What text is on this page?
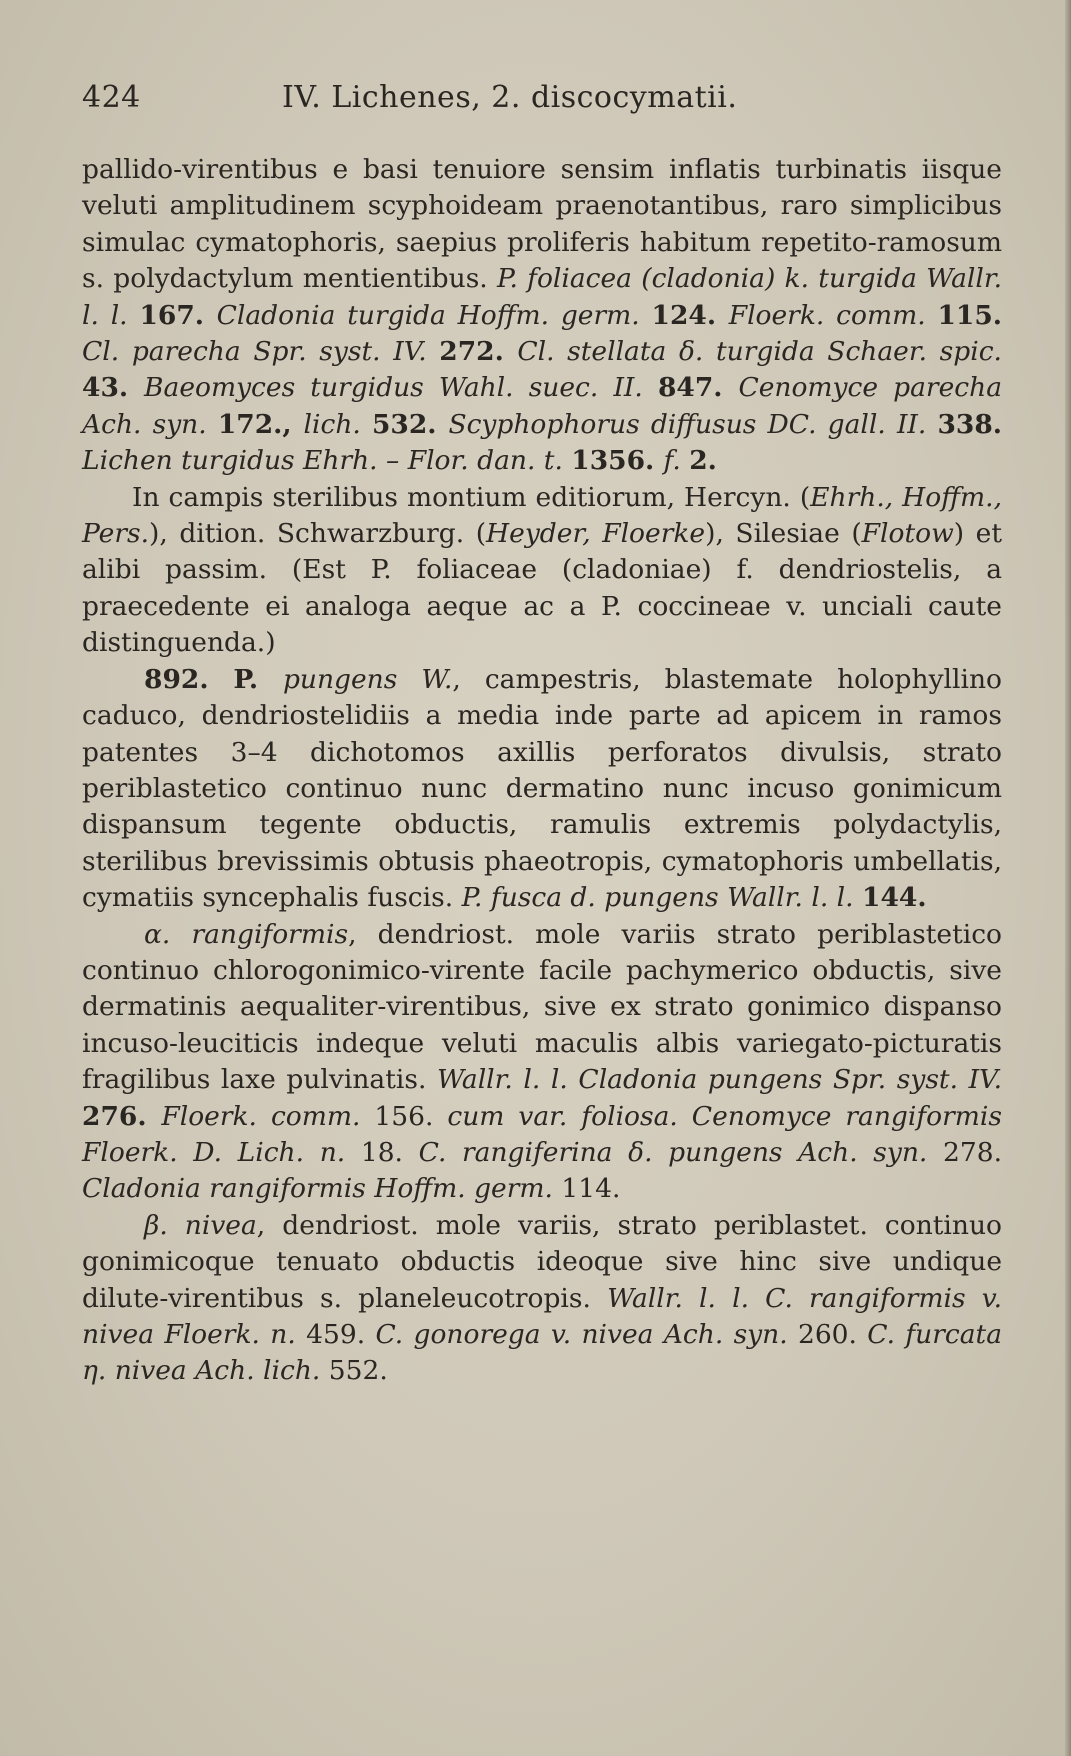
424	IV. Lichenes, 2. discocymatii.

pallido-virentibus e basi tenuiore sensim inflatis turbinatis iisque veluti amplitudinem scyphoideam praenotantibus, raro simplicibus simulac cymatophoris, saepius proliferis habitum repetito-ramosum s. polydactylum mentientibus. P. foliacea (cladonia) k. turgida Wallr. l. l. 167. Cladonia turgida Hoffm. germ. 124. Floerk. comm. 115. Cl. parecha Spr. syst. IV. 272. Cl. stellata δ. turgida Schaer. spic. 43. Baeomyces turgidus Wahl. suec. II. 847. Cenomyce parecha Ach. syn. 172., lich. 532. Scyphophorus diffusus DC. gall. II. 338. Lichen turgidus Ehrh. – Flor. dan. t. 1356. f. 2.

In campis sterilibus montium editiorum, Hercyn. (Ehrh., Hoffm., Pers.), dition. Schwarzburg. (Heyder, Floerke), Silesiae (Flotow) et alibi passim. (Est P. foliaceae (cladoniae) f. dendriostelis, a praecedente ei analoga aeque ac a P. coccineae v. unciali caute distinguenda.)

892. P. pungens W., campestris, blastemate holophyllino caduco, dendriostelidiis a media inde parte ad apicem in ramos patentes 3–4 dichotomos axillis perforatos divulsis, strato periblastetico continuo nunc dermatino nunc incuso gonimicum dispansum tegente obductis, ramulis extremis polydactylis, sterilibus brevissimis obtusis phaeotropis, cymatophoris umbellatis, cymatiis syncephalis fuscis. P. fusca d. pungens Wallr. l. l. 144.

α. rangiformis, dendriost. mole variis strato periblastetico continuo chlorogonimico-virente facile pachymerico obductis, sive dermatinis aequaliter-virentibus, sive ex strato gonimico dispanso incuso-leuciticis indeque veluti maculis albis variegato-picturatis fragilibus laxe pulvinatis. Wallr. l. l. Cladonia pungens Spr. syst. IV. 276. Floerk. comm. 156. cum var. foliosa. Cenomyce rangiformis Floerk. D. Lich. n. 18. C. rangiferina δ. pungens Ach. syn. 278. Cladonia rangiformis Hoffm. germ. 114.

β. nivea, dendriost. mole variis, strato periblastet. continuo gonimicoque tenuato obductis ideoque sive hinc sive undique dilute-virentibus s. planeleucotropis. Wallr. l. l. C. rangiformis v. nivea Floerk. n. 459. C. gonorega v. nivea Ach. syn. 260. C. furcata η. nivea Ach. lich. 552.
